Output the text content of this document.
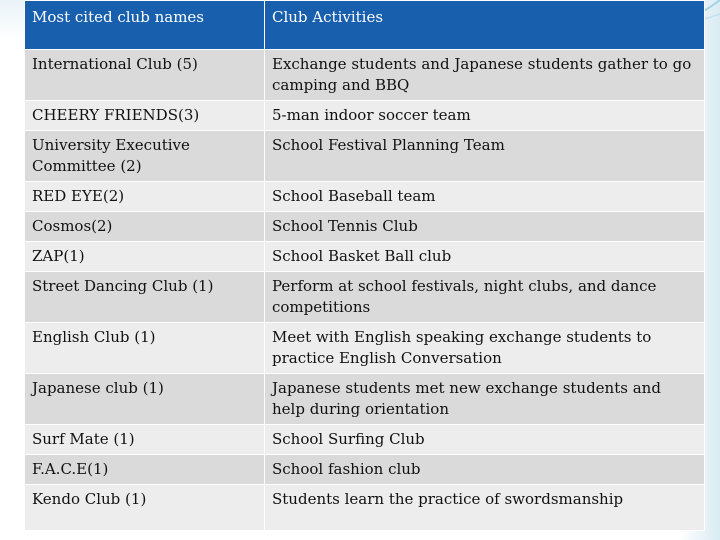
Most cited club names	Club Activities
International Club (5)	Exchange students and Japanese students gather to go camping and BBQ
CHEERY FRIENDS(3)	5-man indoor soccer team
University Executive Committee (2)	School Festival Planning Team
RED EYE(2)	School Baseball team
Cosmos(2)	School Tennis Club
ZAP(1)	School Basket Ball club
Street Dancing Club (1)	Perform at school festivals, night clubs, and dance competitions
English Club (1)	Meet with English speaking exchange students to practice English Conversation
Japanese club (1)	Japanese students met new exchange students and help during orientation
Surf Mate (1)	School Surfing Club
F.A.C.E(1)	School fashion club
Kendo Club (1)	Students learn the practice of swordsmanship
